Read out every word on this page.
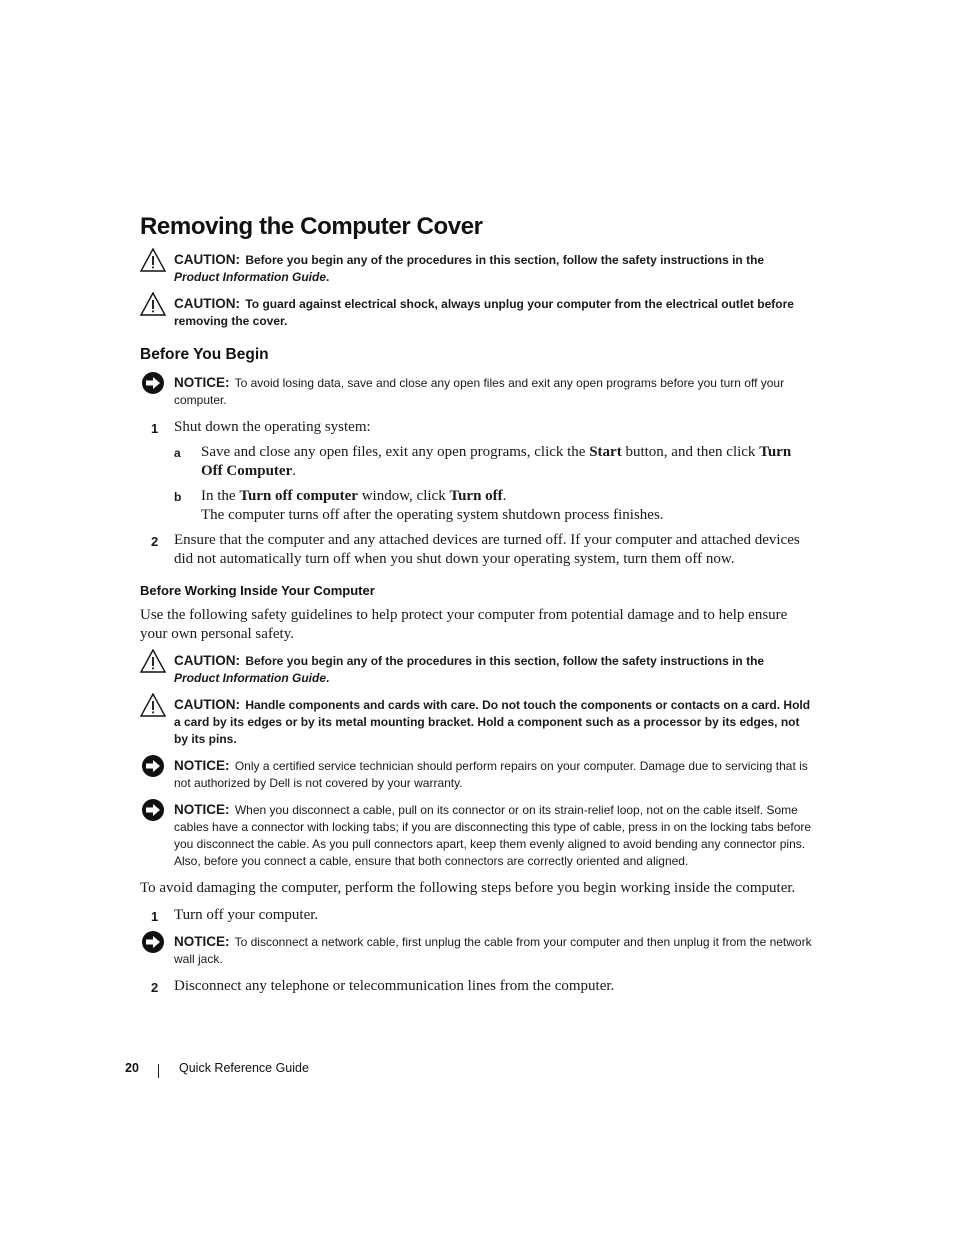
Removing the Computer Cover
CAUTION: Before you begin any of the procedures in this section, follow the safety instructions in the Product Information Guide.
CAUTION: To guard against electrical shock, always unplug your computer from the electrical outlet before removing the cover.
Before You Begin
NOTICE: To avoid losing data, save and close any open files and exit any open programs before you turn off your computer.
1 Shut down the operating system:
a Save and close any open files, exit any open programs, click the Start button, and then click Turn Off Computer.
b In the Turn off computer window, click Turn off.
The computer turns off after the operating system shutdown process finishes.
2 Ensure that the computer and any attached devices are turned off. If your computer and attached devices did not automatically turn off when you shut down your operating system, turn them off now.
Before Working Inside Your Computer

Use the following safety guidelines to help protect your computer from potential damage and to help ensure your own personal safety.

CAUTION: Before you begin any of the procedures in this section, follow the safety instructions in the Product Information Guide.
CAUTION: Handle components and cards with care. Do not touch the components or contacts on a card. Hold a card by its edges or by its metal mounting bracket. Hold a component such as a processor by its edges, not by its pins.
NOTICE: Only a certified service technician should perform repairs on your computer. Damage due to servicing that is not authorized by Dell is not covered by your warranty.
NOTICE: When you disconnect a cable, pull on its connector or on its strain-relief loop, not on the cable itself. Some cables have a connector with locking tabs; if you are disconnecting this type of cable, press in on the locking tabs before you disconnect the cable. As you pull connectors apart, keep them evenly aligned to avoid bending any connector pins. Also, before you connect a cable, ensure that both connectors are correctly oriented and aligned.

To avoid damaging the computer, perform the following steps before you begin working inside the computer.

1 Turn off your computer.
NOTICE: To disconnect a network cable, first unplug the cable from your computer and then unplug it from the network wall jack.
2 Disconnect any telephone or telecommunication lines from the computer.
20	Quick Reference Guide
